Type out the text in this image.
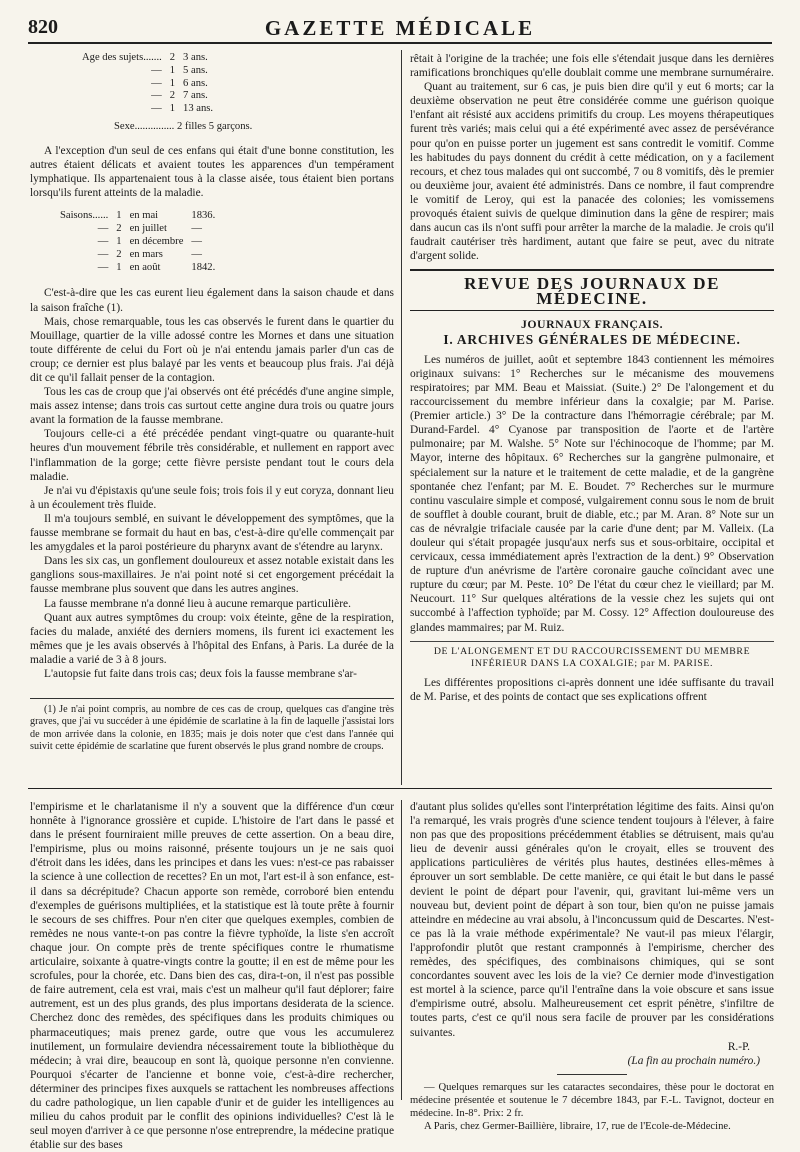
820	GAZETTE MÉDICALE
Age des sujets.......	2	3 ans.
—	1	5 ans.
—	1	6 ans.
—	2	7 ans.
—	1	13 ans.
Sexe............... 2 filles 5 garçons.

A l'exception d'un seul de ces enfans qui était d'une bonne constitution, les autres étaient délicats et avaient toutes les apparences d'un tempérament lymphatique. Ils appartenaient tous à la classe aisée, tous étaient bien portans lorsqu'ils furent atteints de la maladie.

Saisons......	1	en mai	1836.
—	2	en juillet	—
—	1	en décembre	—
—	2	en mars	—
—	1	en août	1842.

C'est-à-dire que les cas eurent lieu également dans la saison chaude et dans la saison fraîche (1).

Mais, chose remarquable, tous les cas observés le furent dans le quartier du Mouillage, quartier de la ville adossé contre les Mornes et dans une situation toute différente de celui du Fort où je n'ai entendu jamais parler d'un cas de croup; ce dernier est plus balayé par les vents et beaucoup plus frais. J'ai déjà dit ce qu'il fallait penser de la contagion.

Tous les cas de croup que j'ai observés ont été précédés d'une angine simple, mais assez intense; dans trois cas surtout cette angine dura trois ou quatre jours avant la formation de la fausse membrane.

Toujours celle-ci a été précédée pendant vingt-quatre ou quarante-huit heures d'un mouvement fébrile très considérable, et nullement en rapport avec l'inflammation de la gorge; cette fièvre persiste pendant tout le cours dela maladie.

Je n'ai vu d'épistaxis qu'une seule fois; trois fois il y eut coryza, donnant lieu à un écoulement très fluide.

Il m'a toujours semblé, en suivant le développement des symptômes, que la fausse membrane se formait du haut en bas, c'est-à-dire qu'elle commençait par les amygdales et la paroi postérieure du pharynx avant de s'étendre au larynx.

Dans les six cas, un gonflement douloureux et assez notable existait dans les ganglions sous-maxillaires. Je n'ai point noté si cet engorgement précédait la fausse membrane plus souvent que dans les autres angines.

La fausse membrane n'a donné lieu à aucune remarque particulière.

Quant aux autres symptômes du croup: voix éteinte, gêne de la respiration, facies du malade, anxiété des derniers momens, ils furent ici exactement les mêmes que je les avais observés à l'hôpital des Enfans, à Paris. La durée de la maladie a varié de 3 à 8 jours.

L'autopsie fut faite dans trois cas; deux fois la fausse membrane s'ar-

(1) Je n'ai point compris, au nombre de ces cas de croup, quelques cas d'angine très graves, que j'ai vu succéder à une épidémie de scarlatine à la fin de laquelle j'assistai lors de mon arrivée dans la colonie, en 1835; mais je dois noter que c'est dans l'année qui suivit cette épidémie de scarlatine que furent observés le plus grand nombre de croups.

rêtait à l'origine de la trachée; une fois elle s'étendait jusque dans les dernières ramifications bronchiques qu'elle doublait comme une membrane surnuméraire.

Quant au traitement, sur 6 cas, je puis bien dire qu'il y eut 6 morts; car la deuxième observation ne peut être considérée comme une guérison quoique l'enfant ait résisté aux accidens primitifs du croup. Les moyens thérapeutiques furent très variés; mais celui qui a été expérimenté avec assez de persévérance pour qu'on en puisse porter un jugement est sans contredit le vomitif. Comme les habitudes du pays donnent du crédit à cette médication, on y a facilement recours, et chez tous malades qui ont succombé, 7 ou 8 vomitifs, dès le premier ou deuxième jour, avaient été administrés. Dans ce nombre, il faut comprendre le vomitif de Leroy, qui est la panacée des colonies; les vomissemens provoqués étaient suivis de quelque diminution dans la gêne de respirer; mais dans aucun cas ils n'ont suffi pour arrêter la marche de la maladie. Je crois qu'il faudrait cautériser très hardiment, autant que faire se peut, avec du nitrate d'argent solide.

REVUE DES JOURNAUX DE MÉDECINE.
JOURNAUX FRANÇAIS.
I. ARCHIVES GÉNÉRALES DE MÉDECINE.

Les numéros de juillet, août et septembre 1843 contiennent les mémoires originaux suivans: 1° Recherches sur le mécanisme des mouvemens respiratoires; par MM. Beau et Maissiat. (Suite.) 2° De l'alongement et du raccourcissement du membre inférieur dans la coxalgie; par M. Parise. (Premier article.) 3° De la contracture dans l'hémorragie cérébrale; par M. Durand-Fardel. 4° Cyanose par transposition de l'aorte et de l'artère pulmonaire; par M. Walshe. 5° Note sur l'échinocoque de l'homme; par M. Mayor, interne des hôpitaux. 6° Recherches sur la gangrène pulmonaire, et spécialement sur la nature et le traitement de cette maladie, et de la gangrène spontanée chez l'enfant; par M. E. Boudet. 7° Recherches sur le murmure continu vasculaire simple et composé, vulgairement connu sous le nom de bruit de soufflet à double courant, bruit de diable, etc.; par M. Aran. 8° Note sur un cas de névralgie trifaciale causée par la carie d'une dent; par M. Valleix. (La douleur qui s'était propagée jusqu'aux nerfs sus et sous-orbitaire, occipital et cervicaux, cessa immédiatement après l'extraction de la dent.) 9° Observation de rupture d'un anévrisme de l'artère coronaire gauche coïncidant avec une rupture du cœur; par M. Peste. 10° De l'état du cœur chez le vieillard; par M. Neucourt. 11° Sur quelques altérations de la vessie chez les sujets qui ont succombé à l'affection typhoïde; par M. Cossy. 12° Affection douloureuse des glandes mammaires; par M. Ruiz.

DE L'ALONGEMENT ET DU RACCOURCISSEMENT DU MEMBRE INFÉRIEUR DANS LA COXALGIE; par M. PARISE.

Les différentes propositions ci-après donnent une idée suffisante du travail de M. Parise, et des points de contact que ses explications offrent

l'empirisme et le charlatanisme il n'y a souvent que la différence d'un cœur honnête à l'ignorance grossière et cupide. L'histoire de l'art dans le passé et dans le présent fourniraient mille preuves de cette assertion. On a beau dire, l'empirisme, plus ou moins raisonné, présente toujours un je ne sais quoi d'étroit dans les idées, dans les principes et dans les vues: n'est-ce pas rabaisser la science à une collection de recettes? En un mot, l'art est-il à son enfance, est-il dans sa décrépitude? Chacun apporte son remède, corroboré bien entendu d'exemples de guérisons multipliées, et la statistique est là toute prête à fournir le secours de ses chiffres. Pour n'en citer que quelques exemples, combien de remèdes ne nous vante-t-on pas contre la fièvre typhoïde, la liste s'en accroît chaque jour. On compte près de trente spécifiques contre le rhumatisme articulaire, soixante à quatre-vingts contre la goutte; il en est de même pour les scrofules, pour la chorée, etc. Dans bien des cas, dira-t-on, il n'est pas possible de faire autrement, cela est vrai, mais c'est un malheur qu'il faut déplorer; faire autrement, est un des plus grands, des plus importans desiderata de la science. Cherchez donc des remèdes, des spécifiques dans les produits chimiques ou pharmaceutiques; mais prenez garde, outre que vous les accumulerez inutilement, un formulaire deviendra nécessairement toute la bibliothèque du médecin; à vrai dire, beaucoup en sont là, quoique personne n'en convienne. Pourquoi s'écarter de l'ancienne et bonne voie, c'est-à-dire rechercher, déterminer des principes fixes auxquels se rattachent les nombreuses affections du cadre pathologique, un lien capable d'unir et de guider les intelligences au milieu du cahos produit par le conflit des opinions individuelles? C'est là le seul moyen d'arriver à ce que personne n'ose entreprendre, la médecine pratique établie sur des bases

d'autant plus solides qu'elles sont l'interprétation légitime des faits. Ainsi qu'on l'a remarqué, les vrais progrès d'une science tendent toujours à l'élever, à faire non pas que des propositions précédemment établies se détruisent, mais qu'au lieu de devenir aussi générales qu'on le croyait, elles se trouvent des applications particulières de vérités plus hautes, destinées elles-mêmes à éprouver un sort semblable. De cette manière, ce qui était le but dans le passé devient le point de départ pour l'avenir, qui, gravitant lui-même vers un nouveau but, devient point de départ à son tour, bien qu'on ne puisse jamais atteindre en médecine au vrai absolu, à l'inconcussum quid de Descartes. N'est-ce pas là la vraie méthode expérimentale? Ne vaut-il pas mieux l'élargir, l'approfondir plutôt que restant cramponnés à l'empirisme, chercher des remèdes, des spécifiques, des combinaisons chimiques, qui se sont concordantes souvent avec les lois de la vie? Ce dernier mode d'investigation est mortel à la science, parce qu'il l'entraîne dans la voie obscure et sans issue d'empirisme outré, absolu. Malheureusement cet esprit pénètre, s'infiltre de toutes parts, c'est ce qu'il nous sera facile de prouver par les considérations suivantes.

R.-P.
(La fin au prochain numéro.)

— Quelques remarques sur les cataractes secondaires, thèse pour le doctorat en médecine présentée et soutenue le 7 décembre 1843, par F.-L. Tavignot, docteur en médecine. In-8°. Prix: 2 fr.

A Paris, chez Germer-Baillière, libraire, 17, rue de l'Ecole-de-Médecine.
